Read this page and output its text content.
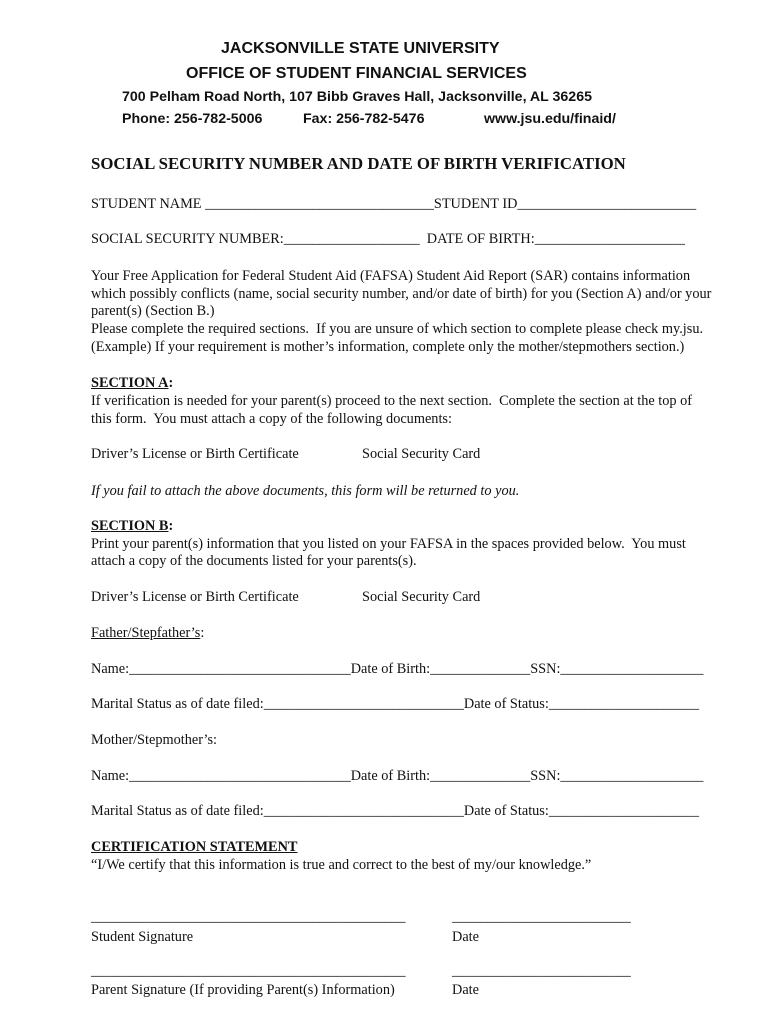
JACKSONVILLE STATE UNIVERSITY
OFFICE OF STUDENT FINANCIAL SERVICES
700 Pelham Road North, 107 Bibb Graves Hall, Jacksonville, AL 36265
Phone: 256-782-5006	Fax: 256-782-5476	www.jsu.edu/finaid/
SOCIAL SECURITY NUMBER AND DATE OF BIRTH VERIFICATION
STUDENT NAME ________________________________STUDENT ID_________________________
SOCIAL SECURITY NUMBER:___________________ DATE OF BIRTH:_____________________
Your Free Application for Federal Student Aid (FAFSA) Student Aid Report (SAR) contains information
which possibly conflicts (name, social security number, and/or date of birth) for you (Section A) and/or your
parent(s) (Section B.)
Please complete the required sections.  If you are unsure of which section to complete please check my.jsu.
(Example) If your requirement is mother’s information, complete only the mother/stepmothers section.)
SECTION A:
If verification is needed for your parent(s) proceed to the next section.  Complete the section at the top of
this form.  You must attach a copy of the following documents:
Driver’s License or Birth Certificate	Social Security Card
If you fail to attach the above documents, this form will be returned to you.
SECTION B:
Print your parent(s) information that you listed on your FAFSA in the spaces provided below.  You must
attach a copy of the documents listed for your parents(s).
Driver’s License or Birth Certificate	Social Security Card
Father/Stepfather’s:
Name:_______________________________Date of Birth:______________SSN:____________________
Marital Status as of date filed:____________________________Date of Status:_____________________
Mother/Stepmother’s:
Name:_______________________________Date of Birth:______________SSN:____________________
Marital Status as of date filed:____________________________Date of Status:_____________________
CERTIFICATION STATEMENT
“I/We certify that this information is true and correct to the best of my/our knowledge.”
____________________________________________	_________________________
Student Signature	Date
____________________________________________	_________________________
Parent Signature (If providing Parent(s) Information)	Date
